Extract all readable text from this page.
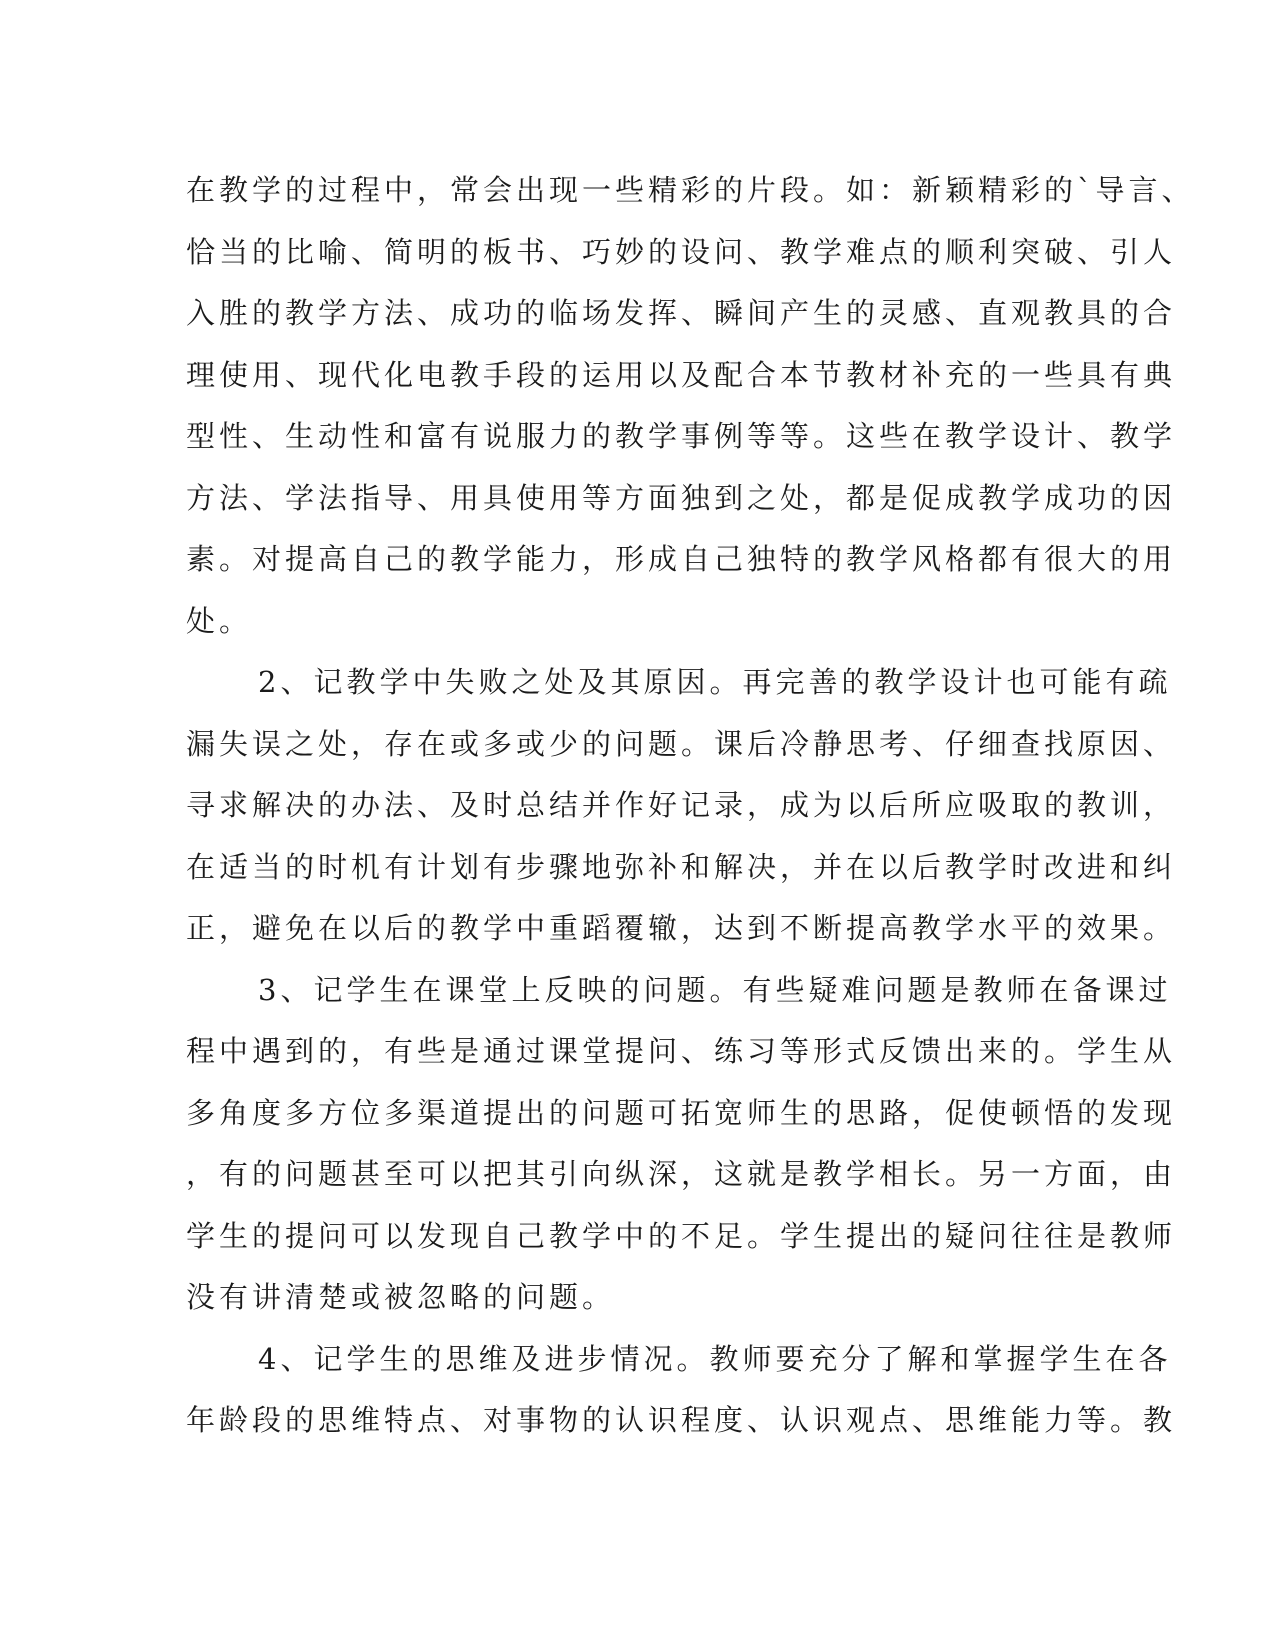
在教学的过程中，常会出现一些精彩的片段。如：新颖精彩的`导言、
恰当的比喻、简明的板书、巧妙的设问、教学难点的顺利突破、引人
入胜的教学方法、成功的临场发挥、瞬间产生的灵感、直观教具的合
理使用、现代化电教手段的运用以及配合本节教材补充的一些具有典
型性、生动性和富有说服力的教学事例等等。这些在教学设计、教学
方法、学法指导、用具使用等方面独到之处，都是促成教学成功的因
素。对提高自己的教学能力，形成自己独特的教学风格都有很大的用
处。
2、记教学中失败之处及其原因。再完善的教学设计也可能有疏
漏失误之处，存在或多或少的问题。课后冷静思考、仔细查找原因、
寻求解决的办法、及时总结并作好记录，成为以后所应吸取的教训，
在适当的时机有计划有步骤地弥补和解决，并在以后教学时改进和纠
正，避免在以后的教学中重蹈覆辙，达到不断提高教学水平的效果。
3、记学生在课堂上反映的问题。有些疑难问题是教师在备课过
程中遇到的，有些是通过课堂提问、练习等形式反馈出来的。学生从
多角度多方位多渠道提出的问题可拓宽师生的思路，促使顿悟的发现
，有的问题甚至可以把其引向纵深，这就是教学相长。另一方面，由
学生的提问可以发现自己教学中的不足。学生提出的疑问往往是教师
没有讲清楚或被忽略的问题。
4、记学生的思维及进步情况。教师要充分了解和掌握学生在各
年龄段的思维特点、对事物的认识程度、认识观点、思维能力等。教
